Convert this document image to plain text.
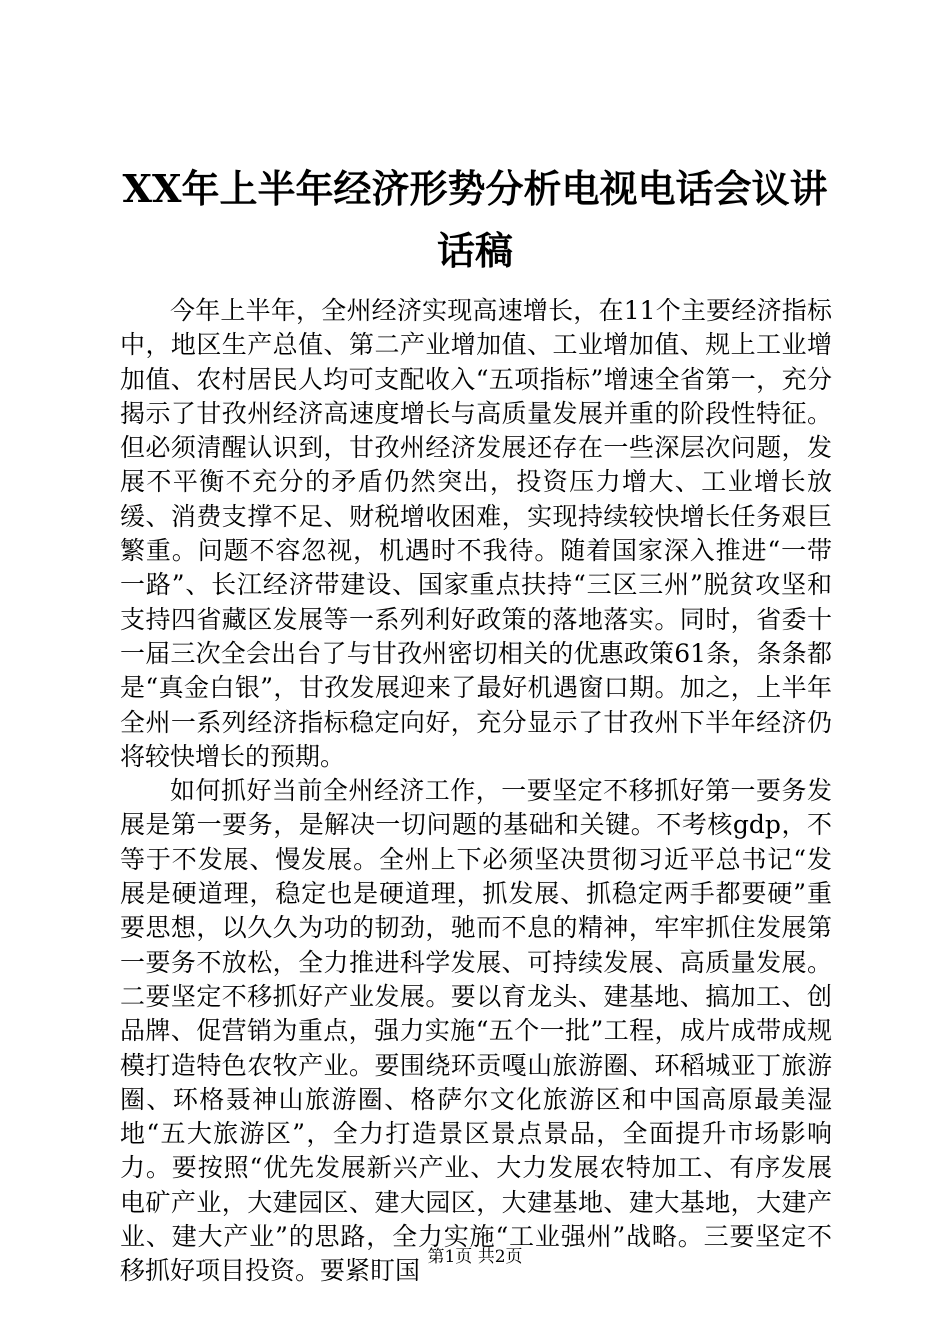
XX年上半年经济形势分析电视电话会议讲话稿

今年上半年，全州经济实现高速增长，在11个主要经济指标中，地区生产总值、第二产业增加值、工业增加值、规上工业增加值、农村居民人均可支配收入“五项指标”增速全省第一，充分揭示了甘孜州经济高速度增长与高质量发展并重的阶段性特征。但必须清醒认识到，甘孜州经济发展还存在一些深层次问题，发展不平衡不充分的矛盾仍然突出，投资压力增大、工业增长放缓、消费支撑不足、财税增收困难，实现持续较快增长任务艰巨繁重。问题不容忽视，机遇时不我待。随着国家深入推进“一带一路”、长江经济带建设、国家重点扶持“三区三州”脱贫攻坚和支持四省藏区发展等一系列利好政策的落地落实。同时，省委十一届三次全会出台了与甘孜州密切相关的优惠政策61条，条条都是“真金白银”，甘孜发展迎来了最好机遇窗口期。加之，上半年全州一系列经济指标稳定向好，充分显示了甘孜州下半年经济仍将较快增长的预期。

如何抓好当前全州经济工作，一要坚定不移抓好第一要务发展是第一要务，是解决一切问题的基础和关键。不考核gdp，不等于不发展、慢发展。全州上下必须坚决贯彻习近平总书记“发展是硬道理，稳定也是硬道理，抓发展、抓稳定两手都要硬”重要思想，以久久为功的韧劲，驰而不息的精神，牢牢抓住发展第一要务不放松，全力推进科学发展、可持续发展、高质量发展。二要坚定不移抓好产业发展。要以育龙头、建基地、搞加工、创品牌、促营销为重点，强力实施“五个一批”工程，成片成带成规模打造特色农牧产业。要围绕环贡嘎山旅游圈、环稻城亚丁旅游圈、环格聂神山旅游圈、格萨尔文化旅游区和中国高原最美湿地“五大旅游区”，全力打造景区景点景品，全面提升市场影响力。要按照“优先发展新兴产业、大力发展农特加工、有序发展电矿产业，大建园区、建大园区，大建基地、建大基地，大建产业、建大产业”的思路，全力实施“工业强州”战略。三要坚定不移抓好项目投资。要紧盯国 第1页 共2页
